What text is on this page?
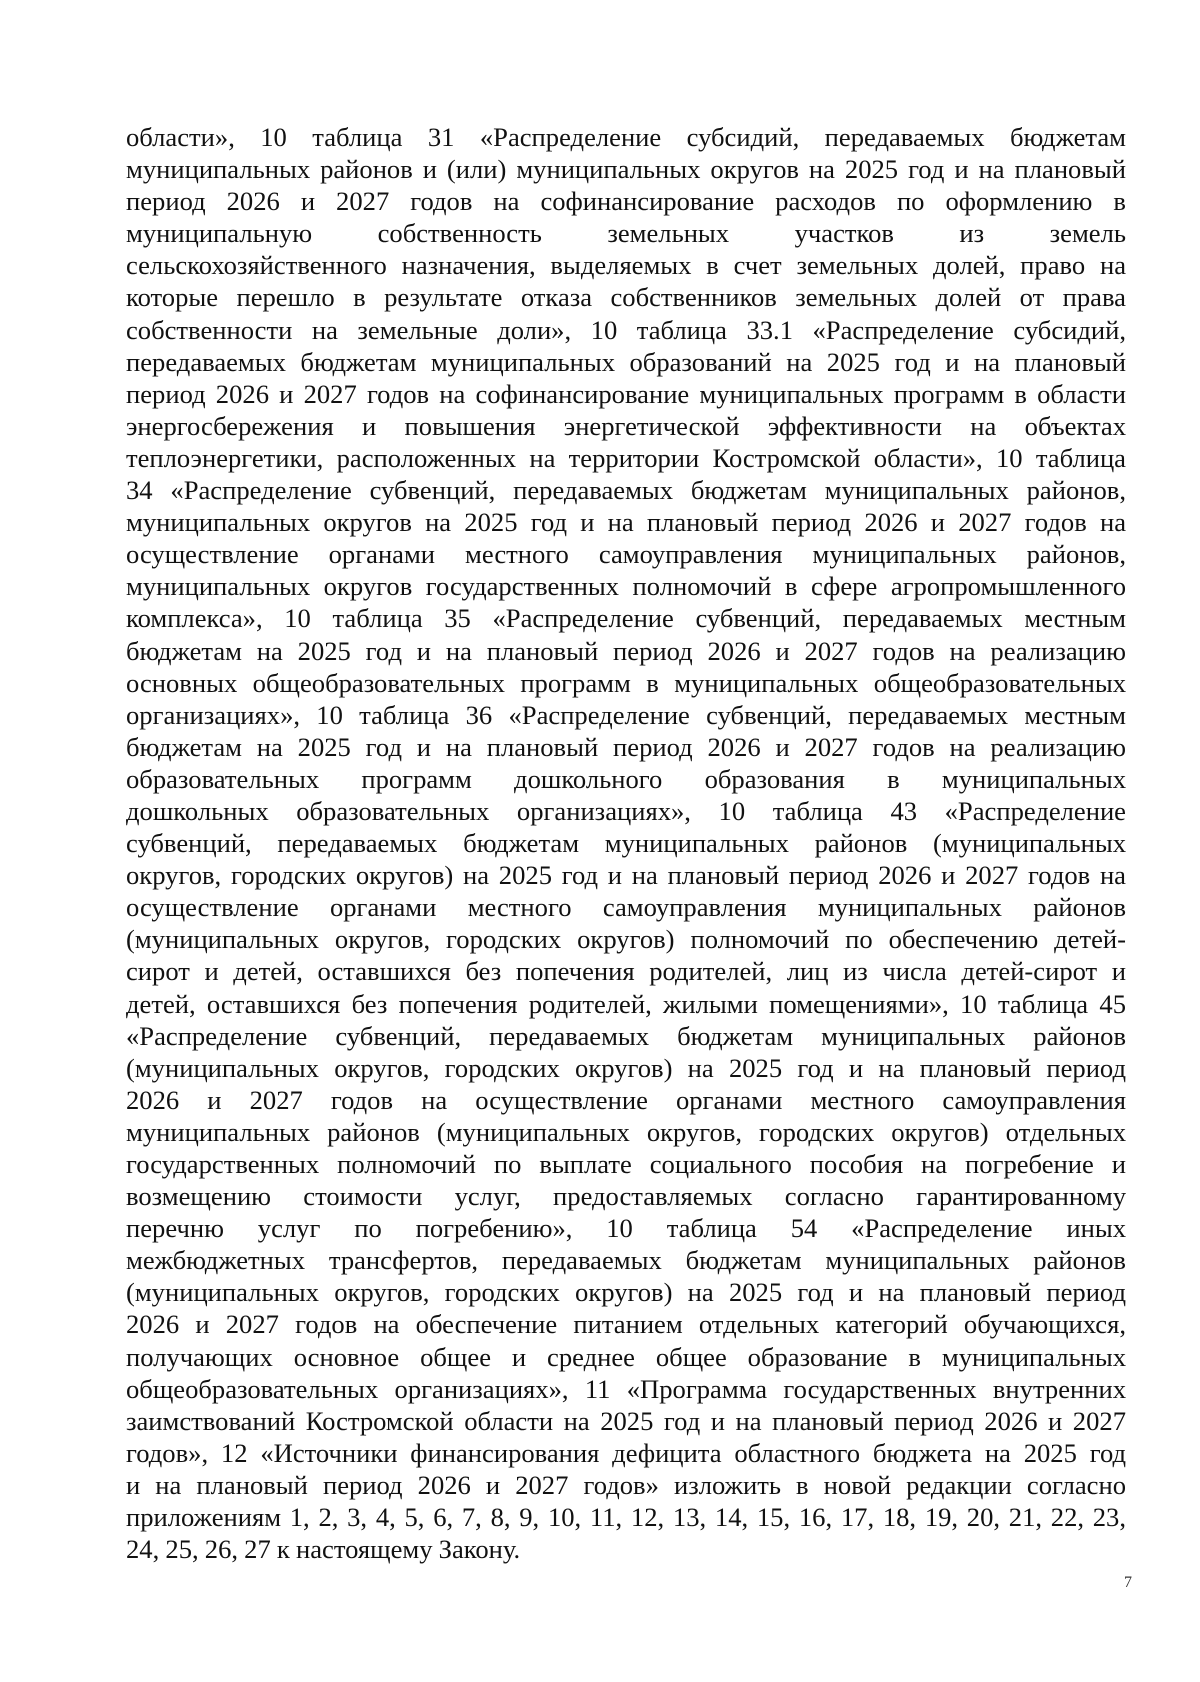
области», 10 таблица 31 «Распределение субсидий, передаваемых бюджетам
муниципальных районов и (или) муниципальных округов на 2025 год и на плановый
период 2026 и 2027 годов на софинансирование расходов по оформлению в
муниципальную собственность земельных участков из земель
сельскохозяйственного назначения, выделяемых в счет земельных долей, право на
которые перешло в результате отказа собственников земельных долей от права
собственности на земельные доли», 10 таблица 33.1 «Распределение субсидий,
передаваемых бюджетам муниципальных образований на 2025 год и на плановый
период 2026 и 2027 годов на софинансирование муниципальных программ в области
энергосбережения и повышения энергетической эффективности на объектах
теплоэнергетики, расположенных на территории Костромской области», 10 таблица
34 «Распределение субвенций, передаваемых бюджетам муниципальных районов,
муниципальных округов на 2025 год и на плановый период 2026 и 2027 годов на
осуществление органами местного самоуправления муниципальных районов,
муниципальных округов государственных полномочий в сфере агропромышленного
комплекса», 10 таблица 35 «Распределение субвенций, передаваемых местным
бюджетам на 2025 год и на плановый период 2026 и 2027 годов на реализацию
основных общеобразовательных программ в муниципальных общеобразовательных
организациях», 10 таблица 36 «Распределение субвенций, передаваемых местным
бюджетам на 2025 год и на плановый период 2026 и 2027 годов на реализацию
образовательных программ дошкольного образования в муниципальных
дошкольных образовательных организациях», 10 таблица 43 «Распределение
субвенций, передаваемых бюджетам муниципальных районов (муниципальных
округов, городских округов) на 2025 год и на плановый период 2026 и 2027 годов на
осуществление органами местного самоуправления муниципальных районов
(муниципальных округов, городских округов) полномочий по обеспечению детей-
сирот и детей, оставшихся без попечения родителей, лиц из числа детей-сирот и
детей, оставшихся без попечения родителей, жилыми помещениями», 10 таблица 45
«Распределение субвенций, передаваемых бюджетам муниципальных районов
(муниципальных округов, городских округов) на 2025 год и на плановый период
2026 и 2027 годов на осуществление органами местного самоуправления
муниципальных районов (муниципальных округов, городских округов) отдельных
государственных полномочий по выплате социального пособия на погребение и
возмещению стоимости услуг, предоставляемых согласно гарантированному
перечню услуг по погребению», 10 таблица 54 «Распределение иных
межбюджетных трансфертов, передаваемых бюджетам муниципальных районов
(муниципальных округов, городских округов) на 2025 год и на плановый период
2026 и 2027 годов на обеспечение питанием отдельных категорий обучающихся,
получающих основное общее и среднее общее образование в муниципальных
общеобразовательных организациях», 11 «Программа государственных внутренних
заимствований Костромской области на 2025 год и на плановый период 2026 и 2027
годов», 12 «Источники финансирования дефицита областного бюджета на 2025 год
и на плановый период 2026 и 2027 годов» изложить в новой редакции согласно
приложениям 1, 2, 3, 4, 5, 6, 7, 8, 9, 10, 11, 12, 13, 14, 15, 16, 17, 18, 19, 20, 21, 22, 23,
24, 25, 26, 27 к настоящему Закону.

7
